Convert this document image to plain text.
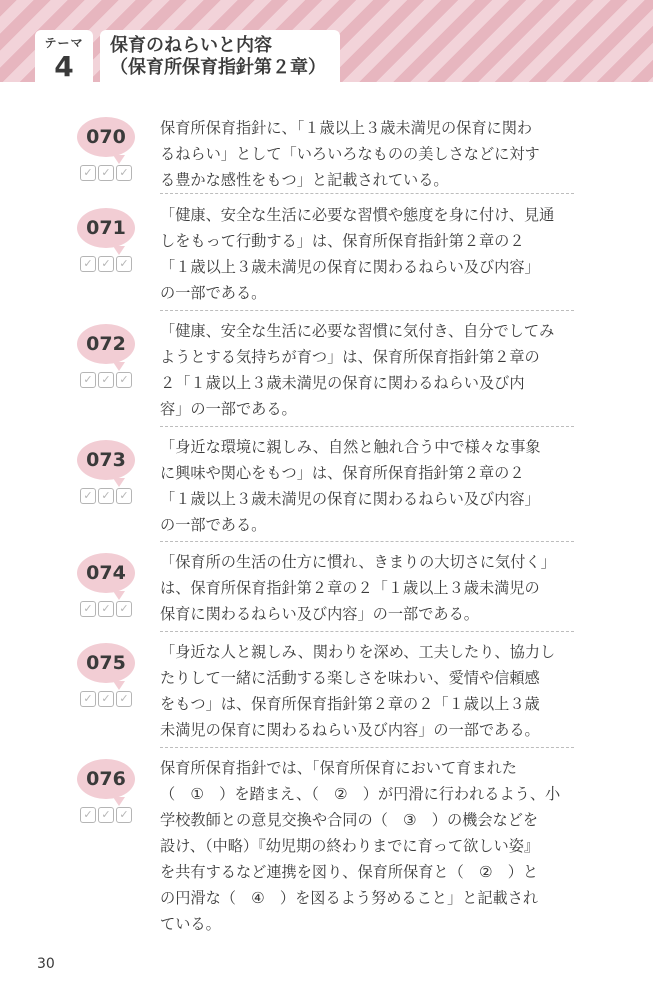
テーマ
4
保育のねらいと内容
（保育所保育指針第２章）
070
✓ ✓ ✓
保育所保育指針に、「１歳以上３歳未満児の保育に関わ
るねらい」として「いろいろなものの美しさなどに対す
る豊かな感性をもつ」と記載されている。
071
✓ ✓ ✓
「健康、安全な生活に必要な習慣や態度を身に付け、見通
しをもって行動する」は、保育所保育指針第２章の２
「１歳以上３歳未満児の保育に関わるねらい及び内容」
の一部である。
072
✓ ✓ ✓
「健康、安全な生活に必要な習慣に気付き、自分でしてみ
ようとする気持ちが育つ」は、保育所保育指針第２章の
２「１歳以上３歳未満児の保育に関わるねらい及び内
容」の一部である。
073
✓ ✓ ✓
「身近な環境に親しみ、自然と触れ合う中で様々な事象
に興味や関心をもつ」は、保育所保育指針第２章の２
「１歳以上３歳未満児の保育に関わるねらい及び内容」
の一部である。
074
✓ ✓ ✓
「保育所の生活の仕方に慣れ、きまりの大切さに気付く」
は、保育所保育指針第２章の２「１歳以上３歳未満児の
保育に関わるねらい及び内容」の一部である。
075
✓ ✓ ✓
「身近な人と親しみ、関わりを深め、工夫したり、協力し
たりして一緒に活動する楽しさを味わい、愛情や信頼感
をもつ」は、保育所保育指針第２章の２「１歳以上３歳
未満児の保育に関わるねらい及び内容」の一部である。
076
✓ ✓ ✓
保育所保育指針では、「保育所保育において育まれた
（　①　）を踏まえ、（　②　）が円滑に行われるよう、小
学校教師との意見交換や合同の（　③　）の機会などを
設け、（中略）『幼児期の終わりまでに育って欲しい姿』
を共有するなど連携を図り、保育所保育と（　②　）と
の円滑な（　④　）を図るよう努めること」と記載され
ている。
30
